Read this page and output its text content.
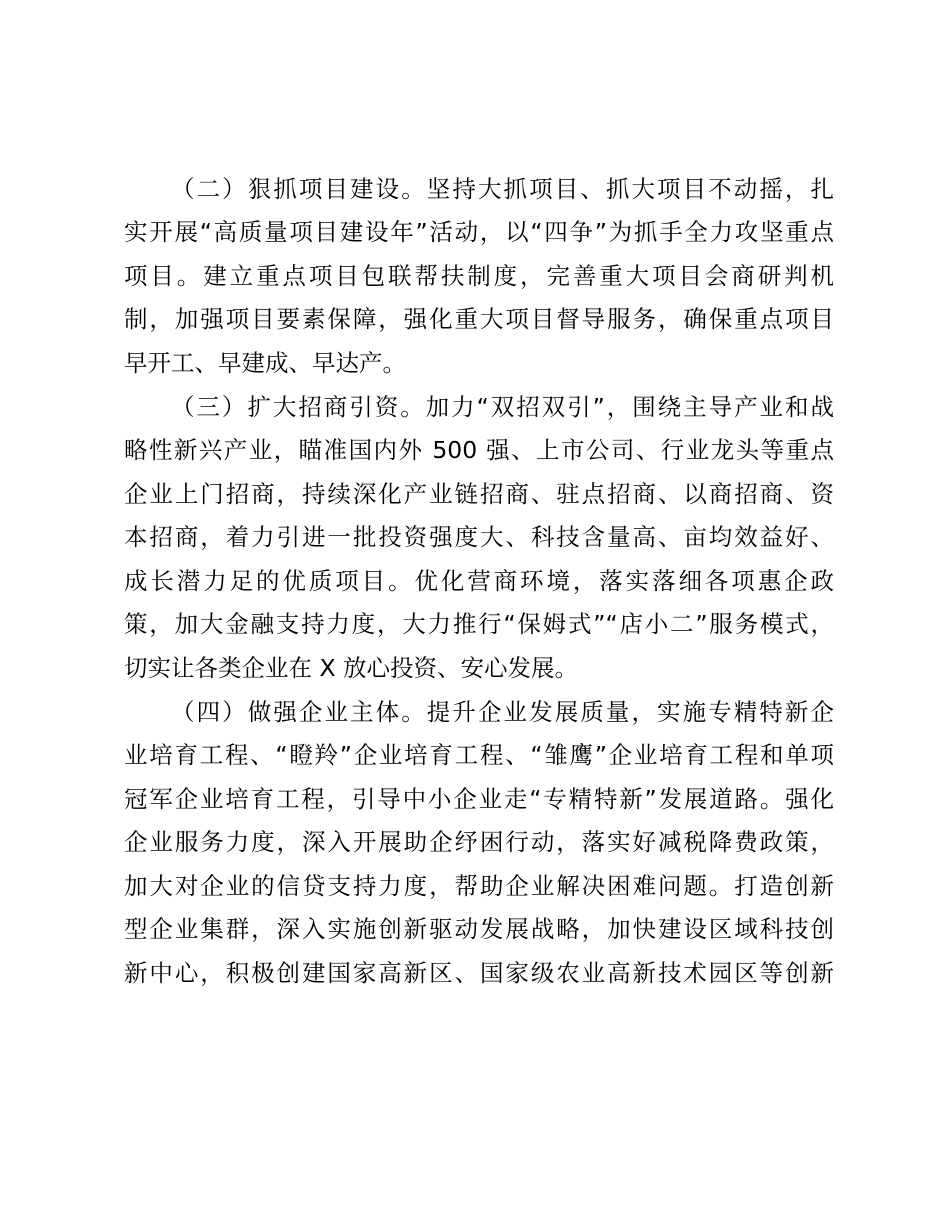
（二）狠抓项目建设。坚持大抓项目、抓大项目不动摇，扎
实开展“高质量项目建设年”活动，以“四争”为抓手全力攻坚重点
项目。建立重点项目包联帮扶制度，完善重大项目会商研判机
制，加强项目要素保障，强化重大项目督导服务，确保重点项目
早开工、早建成、早达产。
（三）扩大招商引资。加力“双招双引”，围绕主导产业和战
略性新兴产业，瞄准国内外 500 强、上市公司、行业龙头等重点
企业上门招商，持续深化产业链招商、驻点招商、以商招商、资
本招商，着力引进一批投资强度大、科技含量高、亩均效益好、
成长潜力足的优质项目。优化营商环境，落实落细各项惠企政
策，加大金融支持力度，大力推行“保姆式”“店小二”服务模式，
切实让各类企业在 X 放心投资、安心发展。
（四）做强企业主体。提升企业发展质量，实施专精特新企
业培育工程、“瞪羚”企业培育工程、“雏鹰”企业培育工程和单项
冠军企业培育工程，引导中小企业走“专精特新”发展道路。强化
企业服务力度，深入开展助企纾困行动，落实好减税降费政策，
加大对企业的信贷支持力度，帮助企业解决困难问题。打造创新
型企业集群，深入实施创新驱动发展战略，加快建设区域科技创
新中心，积极创建国家高新区、国家级农业高新技术园区等创新
